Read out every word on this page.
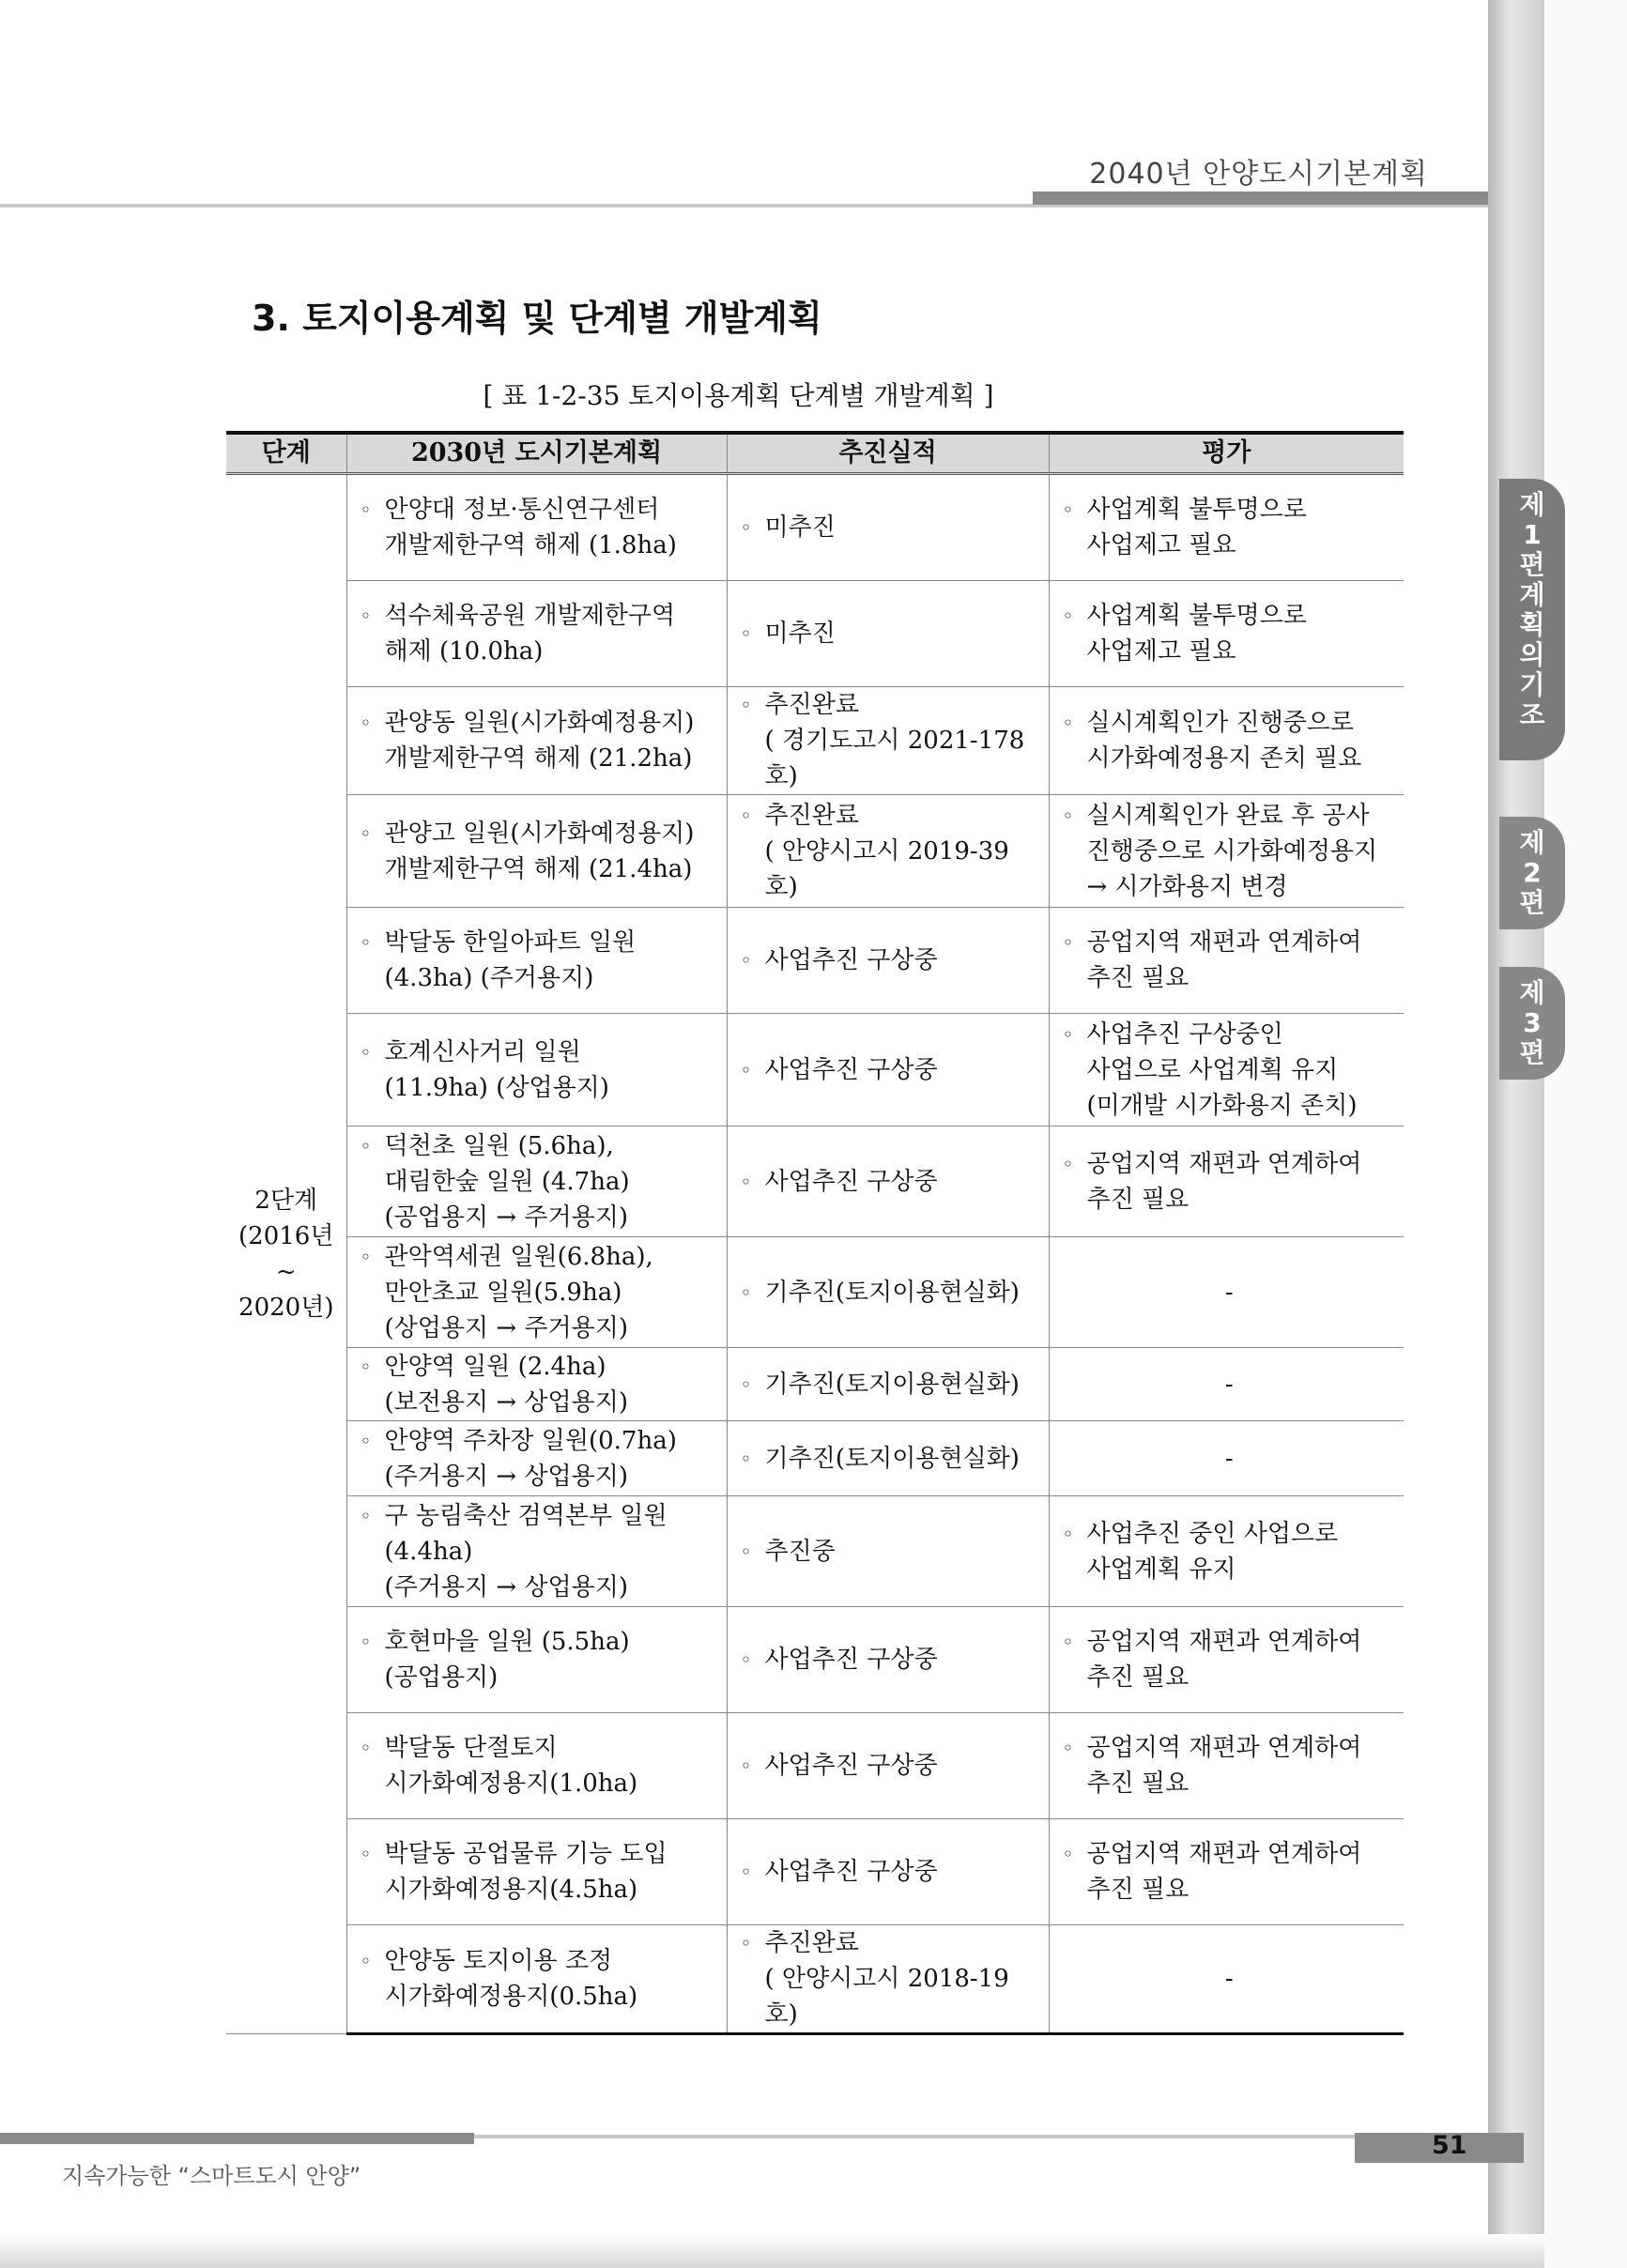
2040년 안양도시기본계획
3. 토지이용계획 및 단계별 개발계획
[ 표 1-2-35 토지이용계획 단계별 개발계획 ]
단계	2030년 도시기본계획	추진실적	평가
2단계
(2016년
~
2020년)	◦ 안양대 정보·통신연구센터
개발제한구역 해제 (1.8ha)	◦ 미추진	◦ 사업계획 불투명으로
사업제고 필요

	◦ 석수체육공원 개발제한구역
해제 (10.0ha)	◦ 미추진	◦ 사업계획 불투명으로
사업제고 필요

	◦ 관양동 일원(시가화예정용지)
개발제한구역 해제 (21.2ha)	◦ 추진완료
( 경기도고시 2021-178호)	◦ 실시계획인가 진행중으로
시가화예정용지 존치 필요

	◦ 관양고 일원(시가화예정용지)
개발제한구역 해제 (21.4ha)	◦ 추진완료
( 안양시고시 2019-39호)	◦ 실시계획인가 완료 후 공사
진행중으로 시가화예정용지
→ 시가화용지 변경

	◦ 박달동 한일아파트 일원
(4.3ha) (주거용지)	◦ 사업추진 구상중	◦ 공업지역 재편과 연계하여
추진 필요

	◦ 호계신사거리 일원
(11.9ha) (상업용지)	◦ 사업추진 구상중	◦ 사업추진 구상중인
사업으로 사업계획 유지
(미개발 시가화용지 존치)

	◦ 덕천초 일원 (5.6ha),
대림한숲 일원 (4.7ha)
(공업용지 → 주거용지)	◦ 사업추진 구상중	◦ 공업지역 재편과 연계하여
추진 필요

	◦ 관악역세권 일원(6.8ha),
만안초교 일원(5.9ha)
(상업용지 → 주거용지)	◦ 기추진(토지이용현실화)	-

	◦ 안양역 일원 (2.4ha)
(보전용지 → 상업용지)	◦ 기추진(토지이용현실화)	-

	◦ 안양역 주차장 일원(0.7ha)
(주거용지 → 상업용지)	◦ 기추진(토지이용현실화)	-

	◦ 구 농림축산 검역본부 일원
(4.4ha)
(주거용지 → 상업용지)	◦ 추진중	◦ 사업추진 중인 사업으로
사업계획 유지

	◦ 호현마을 일원 (5.5ha)
(공업용지)	◦ 사업추진 구상중	◦ 공업지역 재편과 연계하여
추진 필요

	◦ 박달동 단절토지
시가화예정용지(1.0ha)	◦ 사업추진 구상중	◦ 공업지역 재편과 연계하여
추진 필요

	◦ 박달동 공업물류 기능 도입
시가화예정용지(4.5ha)	◦ 사업추진 구상중	◦ 공업지역 재편과 연계하여
추진 필요

	◦ 안양동 토지이용 조정
시가화예정용지(0.5ha)	◦ 추진완료
( 안양시고시 2018-19호)	-
제
1
편
계
획
의
기
조
제
2
편
제
3
편
지속가능한 “스마트도시 안양”
51
